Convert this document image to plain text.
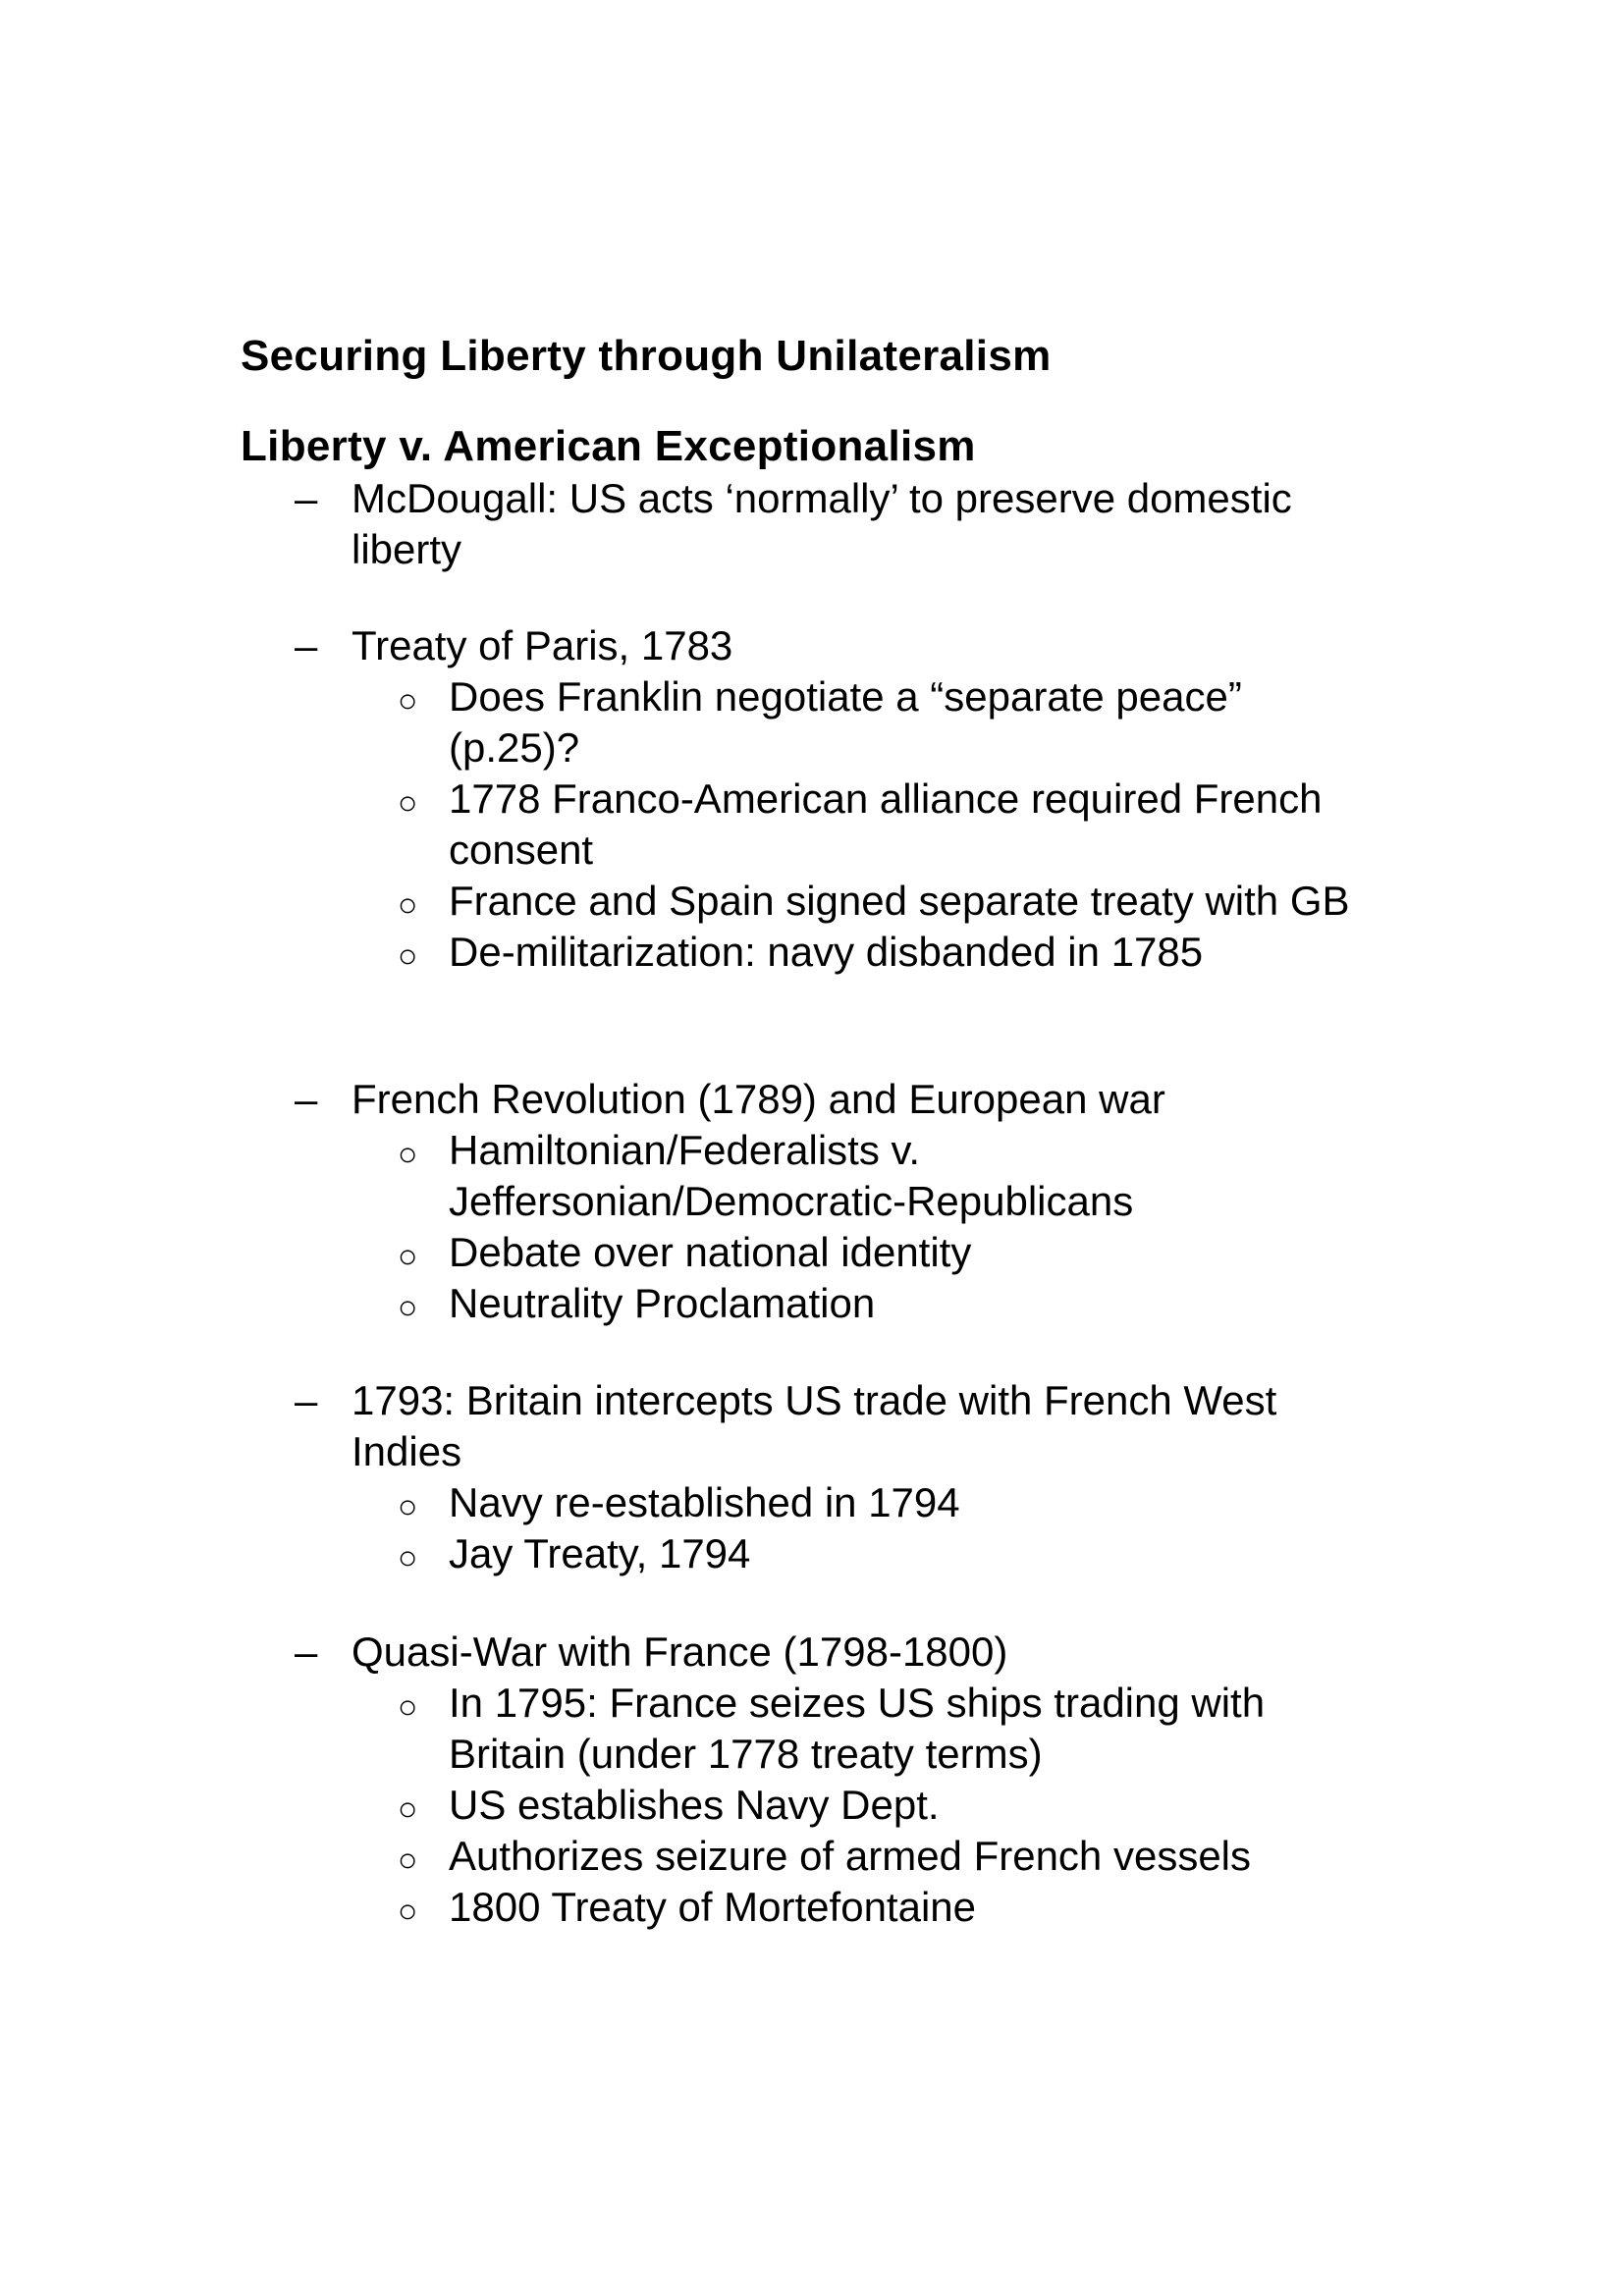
Securing Liberty through Unilateralism
Liberty v. American Exceptionalism
– McDougall: US acts ‘normally’ to preserve domestic liberty
– Treaty of Paris, 1783
○ Does Franklin negotiate a “separate peace” (p.25)?
○ 1778 Franco-American alliance required French consent
○ France and Spain signed separate treaty with GB
○ De-militarization: navy disbanded in 1785
– French Revolution (1789) and European war
○ Hamiltonian/Federalists v. Jeffersonian/Democratic-Republicans
○ Debate over national identity
○ Neutrality Proclamation
– 1793: Britain intercepts US trade with French West Indies
○ Navy re-established in 1794
○ Jay Treaty, 1794
– Quasi-War with France (1798-1800)
○ In 1795: France seizes US ships trading with Britain (under 1778 treaty terms)
○ US establishes Navy Dept.
○ Authorizes seizure of armed French vessels
○ 1800 Treaty of Mortefontaine
